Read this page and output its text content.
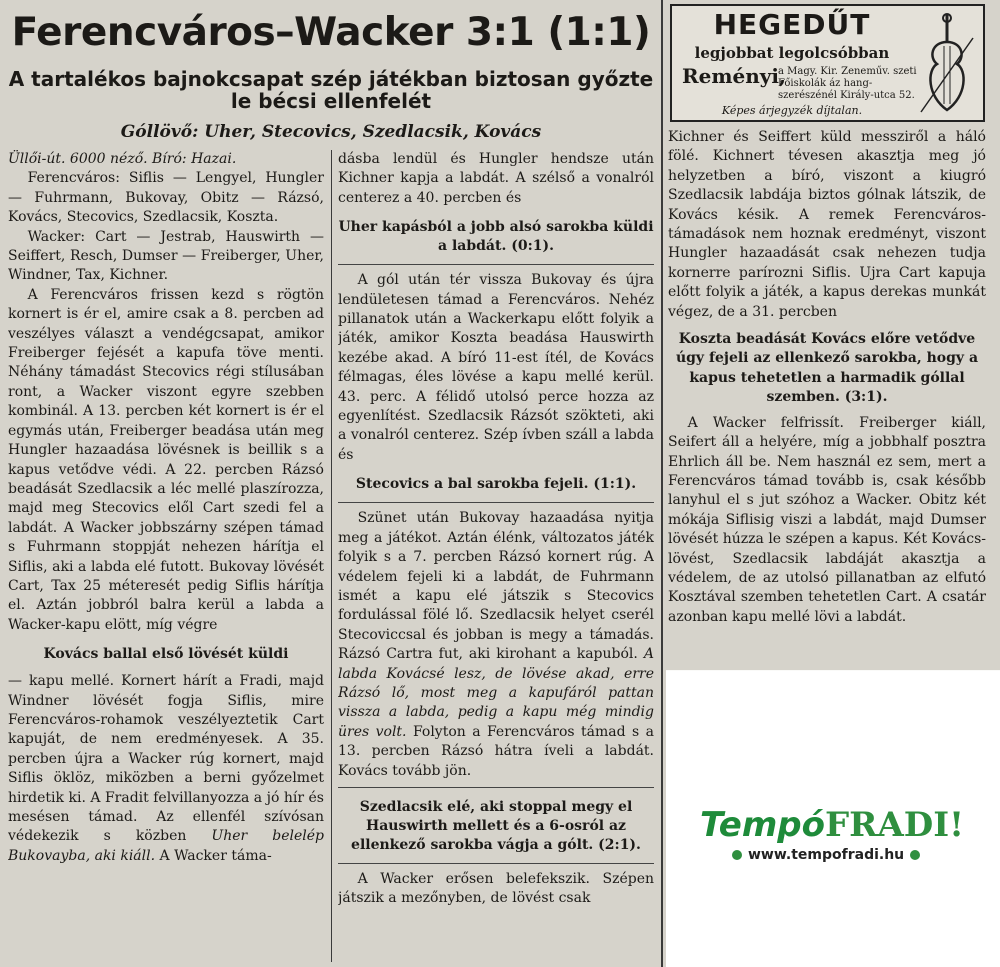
Ferencváros–Wacker 3:1 (1:1)
A tartalékos bajnokcsapat szép játékban biztosan győzte le bécsi ellenfelét
Góllövő: Uher, Stecovics, Szedlacsik, Kovács

Üllői-út. 6000 néző. Bíró: Hazai.

Ferencváros: Siflis — Lengyel, Hungler — Fuhrmann, Bukovay, Obitz — Rázsó, Kovács, Stecovics, Szedlacsik, Koszta.

Wacker: Cart — Jestrab, Hauswirth — Seiffert, Resch, Dumser — Freiberger, Uher, Windner, Tax, Kichner.

A Ferencváros frissen kezd s rögtön kornert is ér el, amire csak a 8. percben ad veszélyes választ a vendégcsapat, amikor Freiberger fejését a kapufa töve menti. Néhány támadást Stecovics régi stílusában ront, a Wacker viszont egyre szebben kombinál. A 13. percben két kornert is ér el egymás után, Freiberger beadása után meg Hungler hazaadása lövésnek is beillik s a kapus vetődve védi. A 22. percben Rázsó beadását Szedlacsik a léc mellé plaszírozza, majd meg Stecovics elől Cart szedi fel a labdát. A Wacker jobbszárny szépen támad s Fuhrmann stoppját nehezen hárítja el Siflis, aki a labda elé futott. Bukovay lövését Cart, Tax 25 méteresét pedig Siflis hárítja el. Aztán jobbról balra kerül a labda a Wacker-kapu elött, míg végre

Kovács ballal első lövését küldi

— kapu mellé. Kornert hárít a Fradi, majd Windner lövését fogja Siflis, mire Ferencváros-rohamok veszélyeztetik Cart kapuját, de nem eredményesek. A 35. percben újra a Wacker rúg kornert, majd Siflis öklöz, miközben a berni győzelmet hirdetik ki. A Fradit felvillanyozza a jó hír és mesésen támad. Az ellenfél szívósan védekezik s közben Uher belelép Bukovayba, aki kiáll. A Wacker táma-

dásba lendül és Hungler hendsze után Kichner kapja a labdát. A szélső a vonalról centerez a 40. percben és

Uher kapásból a jobb alsó sarokba küldi a labdát. (0:1).

A gól után tér vissza Bukovay és újra lendületesen támad a Ferencváros. Nehéz pillanatok után a Wackerkapu előtt folyik a játék, amikor Koszta beadása Hauswirth kezébe akad. A bíró 11-est ítél, de Kovács félmagas, éles lövése a kapu mellé kerül. 43. perc. A félidő utolsó perce hozza az egyenlítést. Szedlacsik Rázsót szökteti, aki a vonalról centerez. Szép ívben száll a labda és

Stecovics a bal sarokba fejeli. (1:1).

Szünet után Bukovay hazaadása nyitja meg a játékot. Aztán élénk, változatos játék folyik s a 7. percben Rázsó kornert rúg. A védelem fejeli ki a labdát, de Fuhrmann ismét a kapu elé játszik s Stecovics fordulással fölé lő. Szedlacsik helyet cserél Stecoviccsal és jobban is megy a támadás. Rázsó Cartra fut, aki kirohant a kapuból. A labda Kovácsé lesz, de lövése akad, erre Rázsó lő, most meg a kapufáról pattan vissza a labda, pedig a kapu még mindig üres volt. Folyton a Ferencváros támad s a 13. percben Rázsó hátra íveli a labdát. Kovács tovább jön.

Szedlacsik elé, aki stoppal megy el Hauswirth mellett és a 6-osról az ellenkező sarokba vágja a gólt. (2:1).

A Wacker erősen belefekszik. Szépen játszik a mezőnyben, de lövést csak

HEGEDŰT
legjobbat legolcsóbban
Reményi,
a Magy. Kir. Zeneműv. szeti Főiskolák áz hang- szerészénél Király-utca 52.
Képes árjegyzék díjtalan.

Kichner és Seiffert küld messziről a háló fölé. Kichnert tévesen akasztja meg jó helyzetben a bíró, viszont a kiugró Szedlacsik labdája biztos gólnak látszik, de Kovács késik. A remek Ferencváros-támadások nem hoznak eredményt, viszont Hungler hazaadását csak nehezen tudja kornerre parírozni Siflis. Ujra Cart kapuja előtt folyik a játék, a kapus derekas munkát végez, de a 31. percben

Koszta beadását Kovács előre vetődve úgy fejeli az ellenkező sarokba, hogy a kapus tehetetlen a harmadik góllal szemben. (3:1).

A Wacker felfrissít. Freiberger kiáll, Seifert áll a helyére, míg a jobbhalf posztra Ehrlich áll be. Nem használ ez sem, mert a Ferencváros támad tovább is, csak később lanyhul el s jut szóhoz a Wacker. Obitz két mókája Siflisig viszi a labdát, majd Dumser lövését húzza le szépen a kapus. Két Kovács-lövést, Szedlacsik labdáját akasztja a védelem, de az utolsó pillanatban az elfutó Kosztával szemben tehetetlen Cart. A csatár azonban kapu mellé lövi a labdát.

TempóFRADI!
www.tempofradi.hu
